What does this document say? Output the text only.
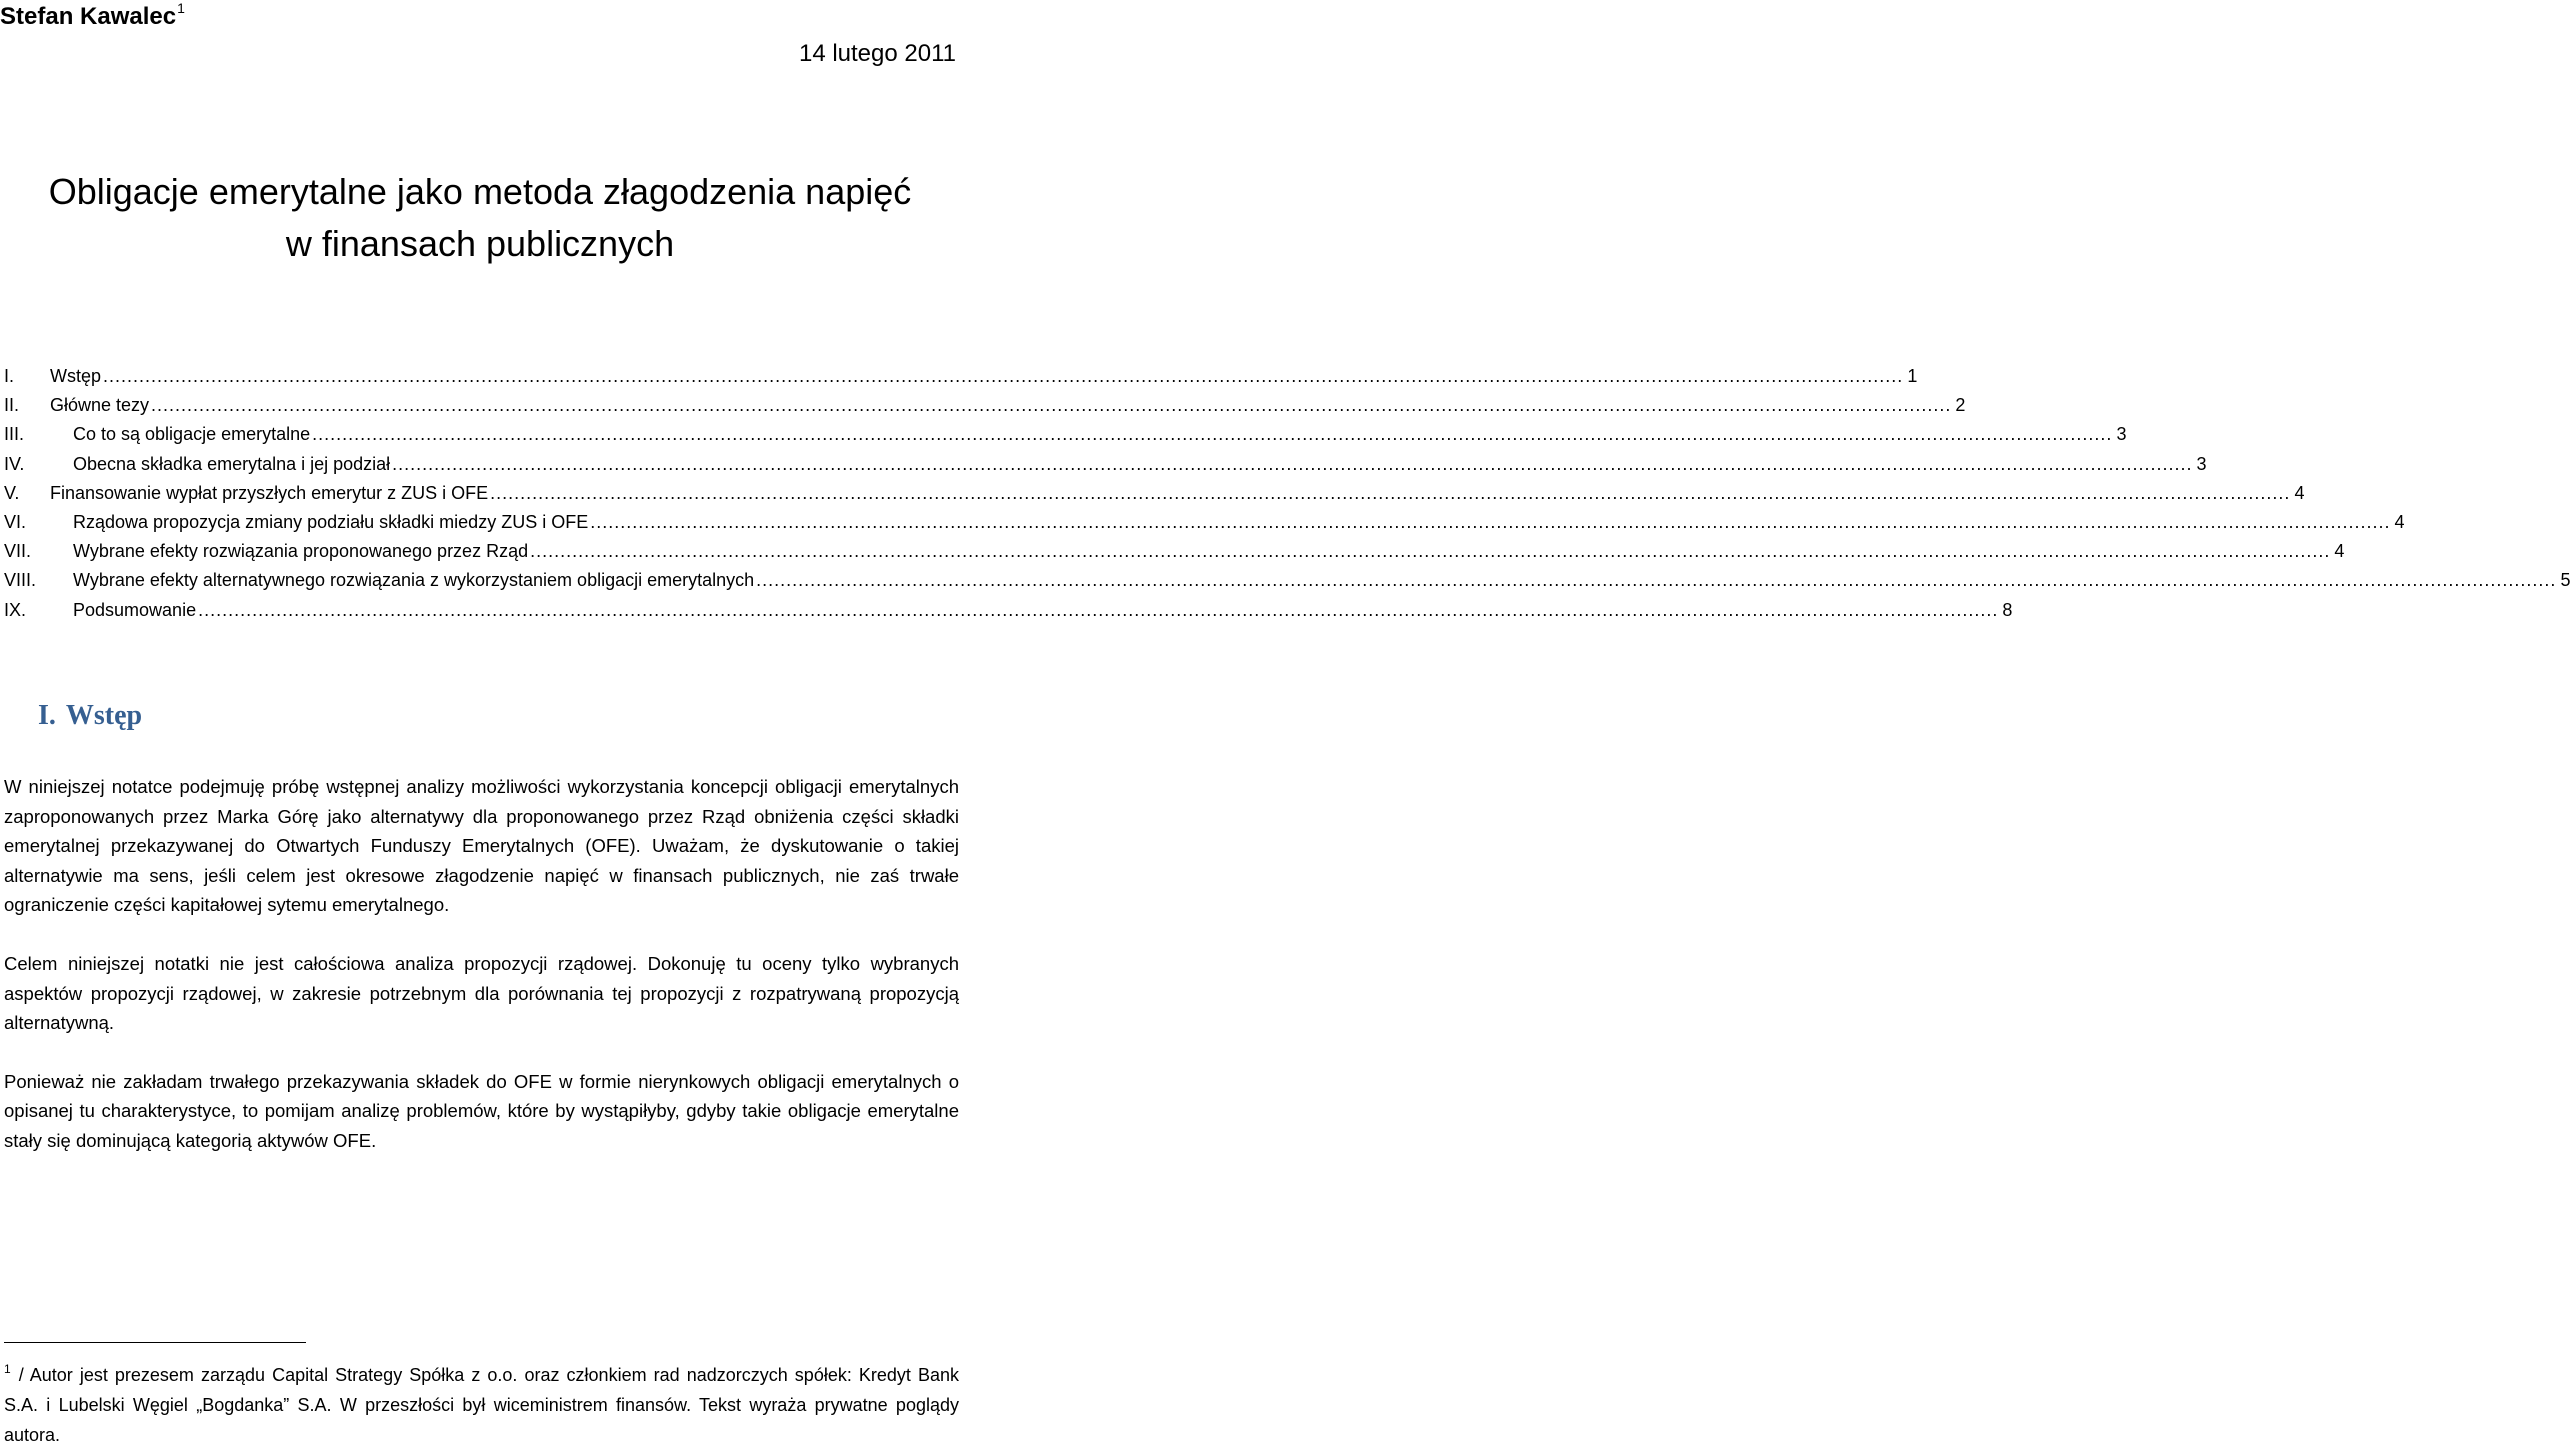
Stefan Kawalec$^1$
14 lutego 2011
Obligacje emerytalne jako metoda złagodzenia napięć
w finansach publicznych
I. Wstęp ............................................................................................................................................................................................................................................................................................................ 1
II. Główne tezy ............................................................................................................................................................................................................................................................................................................ 2
III.	Co to są obligacje emerytalne ............................................................................................................................................................................................................................................................................................................ 3
IV.	Obecna składka emerytalna i jej podział ............................................................................................................................................................................................................................................................................................................ 3
V. Finansowanie wypłat przyszłych emerytur z ZUS i OFE ............................................................................................................................................................................................................................................................................................................ 4
VI.	Rządowa propozycja zmiany podziału składki miedzy ZUS i OFE ............................................................................................................................................................................................................................................................................................................ 4
VII. Wybrane efekty rozwiązania proponowanego przez Rząd ............................................................................................................................................................................................................................................................................................................ 4
VIII. Wybrane efekty alternatywnego rozwiązania z wykorzystaniem obligacji emerytalnych ............................................................................................................................................................................................................................................................................................................ 5
IX.	Podsumowanie ............................................................................................................................................................................................................................................................................................................ 8
I. Wstęp

W niniejszej notatce podejmuję próbę wstępnej analizy możliwości wykorzystania koncepcji obligacji emerytalnych zaproponowanych przez Marka Górę jako alternatywy dla proponowanego przez Rząd obniżenia części składki emerytalnej przekazywanej do Otwartych Funduszy Emerytalnych (OFE). Uważam, że dyskutowanie o takiej alternatywie ma sens, jeśli celem jest okresowe złagodzenie napięć w finansach publicznych, nie zaś trwałe ograniczenie części kapitałowej sytemu emerytalnego.

Celem niniejszej notatki nie jest całościowa analiza propozycji rządowej. Dokonuję tu oceny tylko wybranych aspektów propozycji rządowej, w zakresie potrzebnym dla porównania tej propozycji z rozpatrywaną propozycją alternatywną.

Ponieważ nie zakładam trwałego przekazywania składek do OFE w formie nierynkowych obligacji emerytalnych o opisanej tu charakterystyce, to pomijam analizę problemów, które by wystąpiłyby, gdyby takie obligacje emerytalne stały się dominującą kategorią aktywów OFE.

$^1$ / Autor jest prezesem zarządu Capital Strategy Spółka z o.o. oraz członkiem rad nadzorczych spółek: Kredyt Bank S.A. i Lubelski Węgiel „Bogdanka” S.A. W przeszłości był wiceministrem finansów. Tekst wyraża prywatne poglądy autora.
